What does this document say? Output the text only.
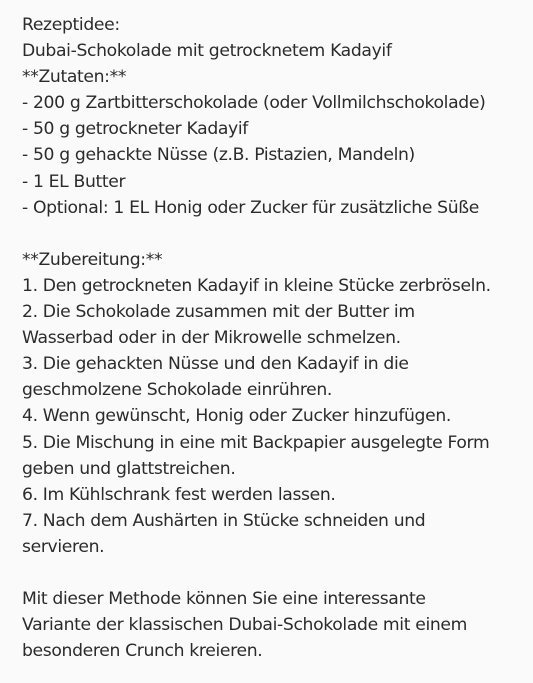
Rezeptidee:
Dubai-Schokolade mit getrocknetem Kadayif
**Zutaten:**
- 200 g Zartbitterschokolade (oder Vollmilchschokolade)
- 50 g getrockneter Kadayif
- 50 g gehackte Nüsse (z.B. Pistazien, Mandeln)
- 1 EL Butter
- Optional: 1 EL Honig oder Zucker für zusätzliche Süße
**Zubereitung:**
1. Den getrockneten Kadayif in kleine Stücke zerbröseln.
2. Die Schokolade zusammen mit der Butter im
Wasserbad oder in der Mikrowelle schmelzen.
3. Die gehackten Nüsse und den Kadayif in die
geschmolzene Schokolade einrühren.
4. Wenn gewünscht, Honig oder Zucker hinzufügen.
5. Die Mischung in eine mit Backpapier ausgelegte Form
geben und glattstreichen.
6. Im Kühlschrank fest werden lassen.
7. Nach dem Aushärten in Stücke schneiden und
servieren.
Mit dieser Methode können Sie eine interessante
Variante der klassischen Dubai-Schokolade mit einem
besonderen Crunch kreieren.
